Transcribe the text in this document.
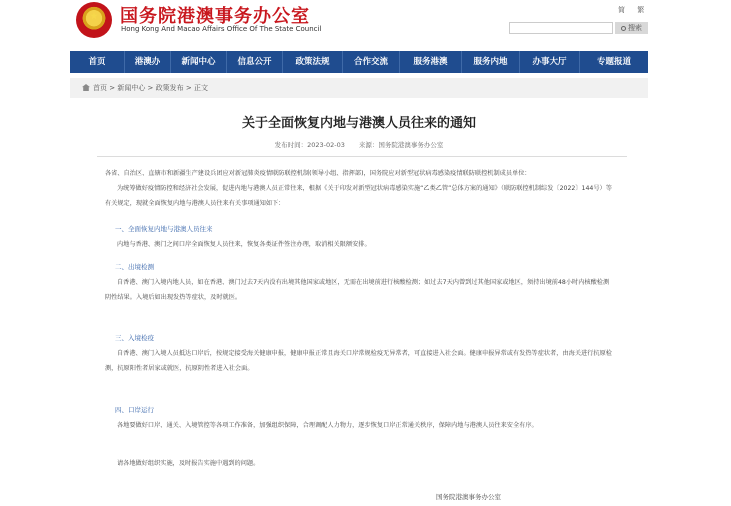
国务院港澳事务办公室
Hong Kong And Macao Affairs Office Of The State Council
简 繁
搜索
首页	港澳办	新闻中心	信息公开	政策法规	合作交流	服务港澳	服务内地	办事大厅	专题报道
首页 > 新闻中心 > 政策发布 > 正文
关于全面恢复内地与港澳人员往来的通知
发布时间：2023-02-03 来源：国务院港澳事务办公室
各省、自治区、直辖市和新疆生产建设兵团应对新冠肺炎疫情联防联控机制(领导小组、指挥部)，国务院应对新型冠状病毒感染疫情联防联控机制成员单位：
为统筹做好疫情防控和经济社会发展，促进内地与港澳人员正常往来，根据《关于印发对新型冠状病毒感染实施“乙类乙管”总体方案的通知》（联防联控机制综发〔2022〕144号）等有关规定，现就全面恢复内地与港澳人员往来有关事项通知如下：
一、全面恢复内地与港澳人员往来
内地与香港、澳门之间口岸全面恢复人员往来，恢复各类证件签注办理，取消相关限额安排。
二、出境检测
自香港、澳门入境内地人员，如在香港、澳门过去7天内没有出境其他国家或地区，无需在出境前进行核酸检测；如过去7天内曾到过其他国家或地区，须持出境前48小时内核酸检测阴性结果。入境后如出现发热等症状，及时就医。
三、入境检疫
自香港、澳门入境人员抵达口岸后，按规定接受海关健康申报，健康申报正常且海关口岸常规检疫无异常者，可直接进入社会面。健康申报异常或有发热等症状者，由海关进行抗原检测，抗原阳性者居家或就医，抗原阴性者进入社会面。
四、口岸运行
各地要做好口岸、通关、入境管控等各项工作准备，加强组织保障，合理调配人力物力，逐步恢复口岸正常通关秩序，保障内地与港澳人员往来安全有序。
请各地做好组织实施，及时报告实施中遇到的问题。
国务院港澳事务办公室
